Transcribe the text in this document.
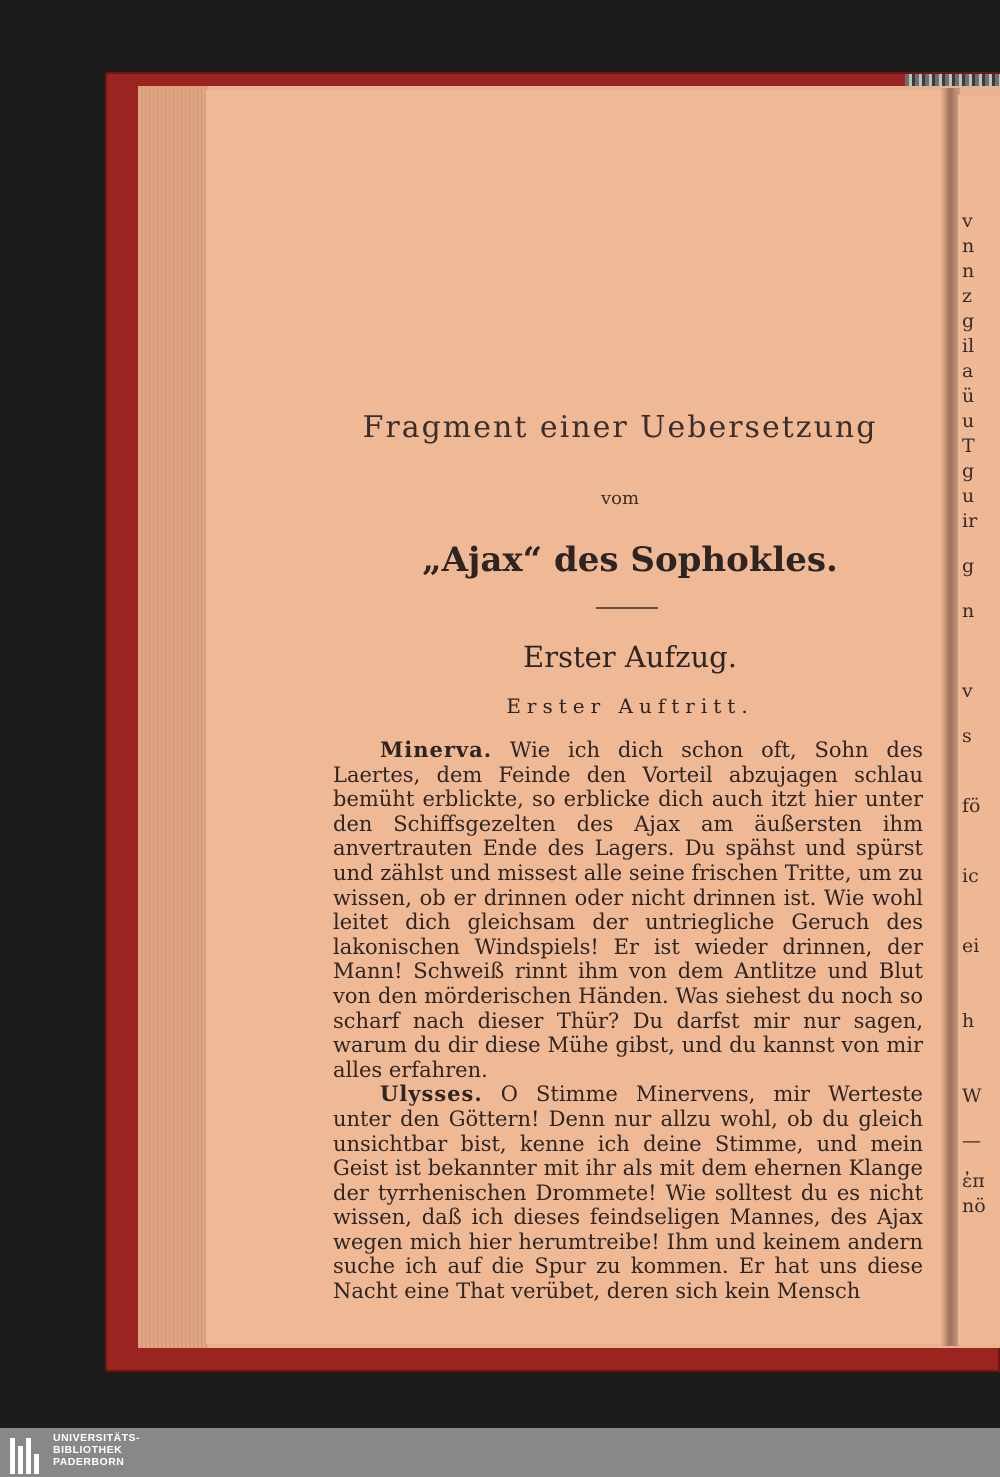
v
n
n
z
g
il
a
ü
u
T
g
u
ir
g
n
v
s
fö
ic
ei
h
W
—
ἐπ
nö
Fragment einer Uebersetzung
vom
„Ajax“ des Sophokles.
Erster Aufzug.
Erster Auftritt.

Minerva. Wie ich dich schon oft, Sohn des Laertes, dem Feinde den Vorteil abzujagen schlau bemüht erblickte, so erblicke dich auch itzt hier unter den Schiffsgezelten des Ajax am äußersten ihm anvertrauten Ende des Lagers. Du spähst und spürst und zählst und missest alle seine frischen Tritte, um zu wissen, ob er drinnen oder nicht drinnen ist. Wie wohl leitet dich gleichsam der untriegliche Geruch des lakonischen Windspiels! Er ist wieder drinnen, der Mann! Schweiß rinnt ihm von dem Antlitze und Blut von den mörderischen Händen. Was siehest du noch so scharf nach dieser Thür? Du darfst mir nur sagen, warum du dir diese Mühe gibst, und du kannst von mir alles erfahren.

Ulysses. O Stimme Minervens, mir Werteste unter den Göttern! Denn nur allzu wohl, ob du gleich unsichtbar bist, kenne ich deine Stimme, und mein Geist ist bekannter mit ihr als mit dem ehernen Klange der tyrrhenischen Drommete! Wie solltest du es nicht wissen, daß ich dieses feindseligen Mannes, des Ajax wegen mich hier herumtreibe! Ihm und keinem andern suche ich auf die Spur zu kommen. Er hat uns diese Nacht eine That verübet, deren sich kein Mensch

UNIVERSITÄTS-
BIBLIOTHEK
PADERBORN
